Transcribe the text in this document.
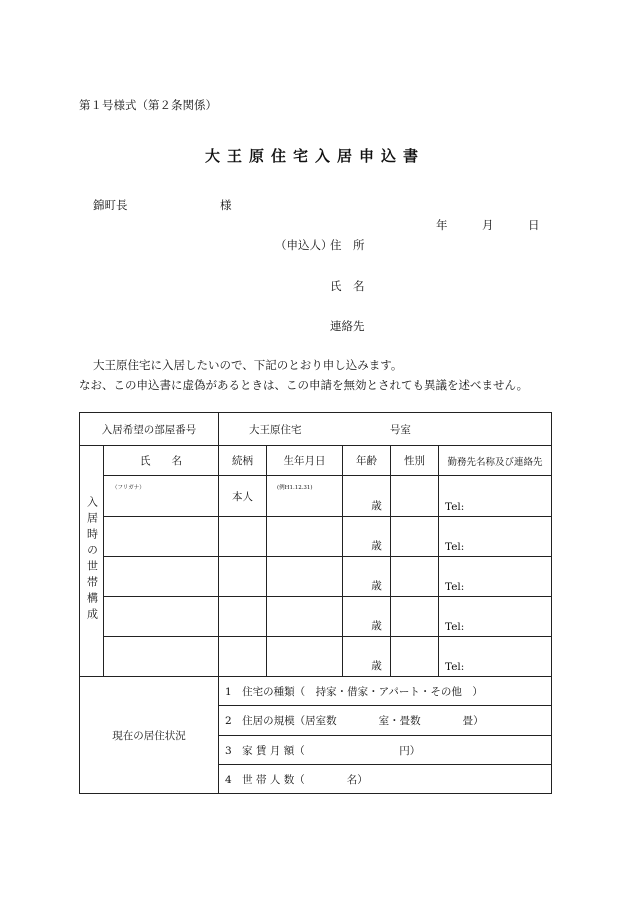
第１号様式（第２条関係）
大王原住宅入居申込書
錦町長	様
年	月	日
（申込人）
住　所
氏　名
連絡先
大王原住宅に入居したいので、下記のとおり申し込みます。
なお、この申込書に虚偽があるときは、この申請を無効とされても異議を述べません。
入居希望の部屋番号		大王原住宅 号室				
入居時の世帯構成	氏　　名	続柄	生年月日	年齢	性別	勤務先名称及び連絡先
	（フリガナ）	本人	(例H1.12.31)	歳		Tel:
				歳		Tel:
				歳		Tel:
				歳		Tel:
				歳		Tel:
現在の居住状況		1　住宅の種類（　持家・借家・アパート・その他　）				
		2　住居の規模（居室数　　　　室・畳数　　　　畳）				
		3　家 賃 月 額（　　　　　　　　　円）				
		4　世 帯 人 数（　　　　名）				
